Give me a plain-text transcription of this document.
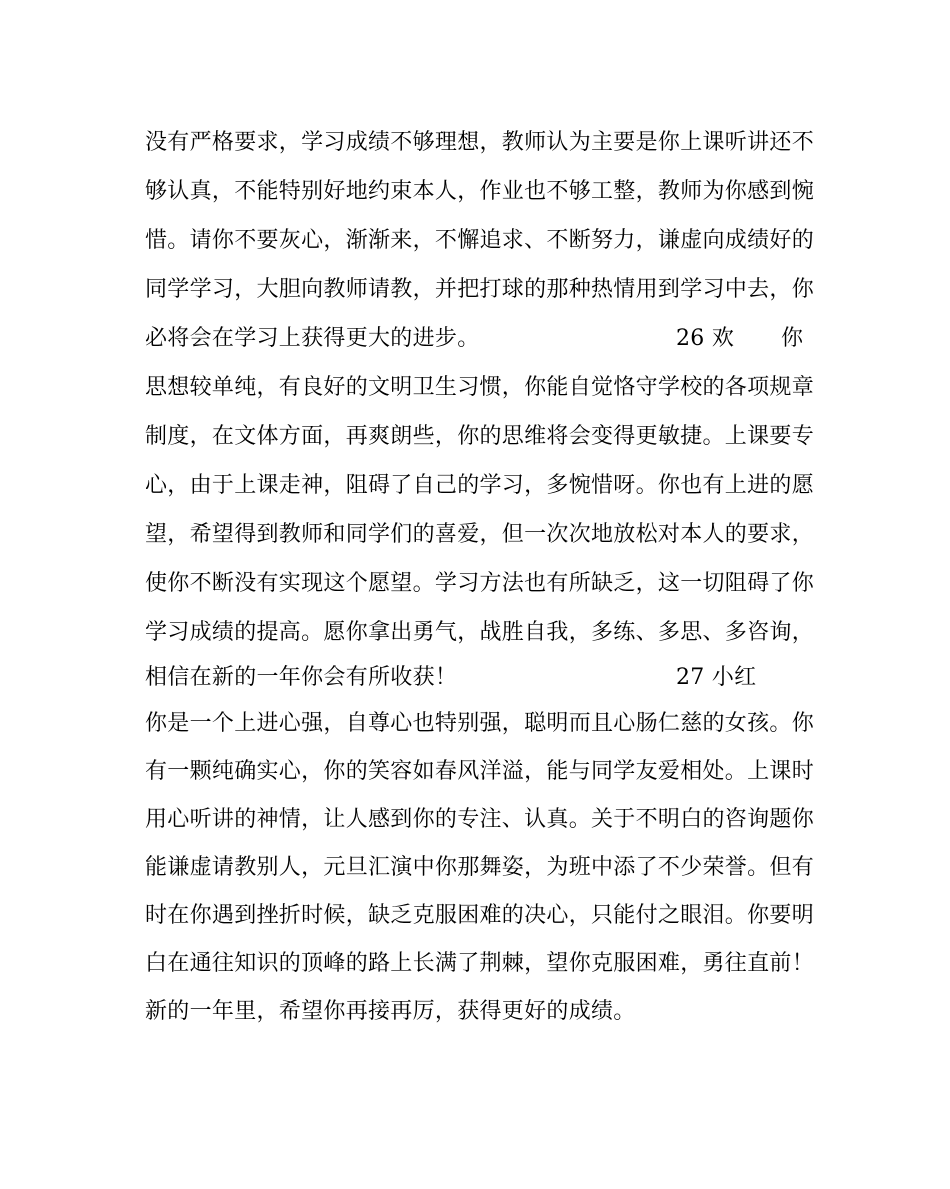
没有严格要求，学习成绩不够理想，教师认为主要是你上课听讲还不
够认真，不能特别好地约束本人，作业也不够工整，教师为你感到惋
惜。请你不要灰心，渐渐来，不懈追求、不断努力，谦虚向成绩好的
同学学习，大胆向教师请教，并把打球的那种热情用到学习中去，你
必将会在学习上获得更大的进步。	26 欢 你
思想较单纯，有良好的文明卫生习惯，你能自觉恪守学校的各项规章
制度，在文体方面，再爽朗些，你的思维将会变得更敏捷。上课要专
心，由于上课走神，阻碍了自己的学习，多惋惜呀。你也有上进的愿
望，希望得到教师和同学们的喜爱，但一次次地放松对本人的要求，
使你不断没有实现这个愿望。学习方法也有所缺乏，这一切阻碍了你
学习成绩的提高。愿你拿出勇气，战胜自我，多练、多思、多咨询，
相信在新的一年你会有所收获！	27 小红
你是一个上进心强，自尊心也特别强，聪明而且心肠仁慈的女孩。你
有一颗纯确实心，你的笑容如春风洋溢，能与同学友爱相处。上课时
用心听讲的神情，让人感到你的专注、认真。关于不明白的咨询题你
能谦虚请教别人，元旦汇演中你那舞姿，为班中添了不少荣誉。但有
时在你遇到挫折时候，缺乏克服困难的决心，只能付之眼泪。你要明
白在通往知识的顶峰的路上长满了荆棘，望你克服困难，勇往直前！
新的一年里，希望你再接再厉，获得更好的成绩。
